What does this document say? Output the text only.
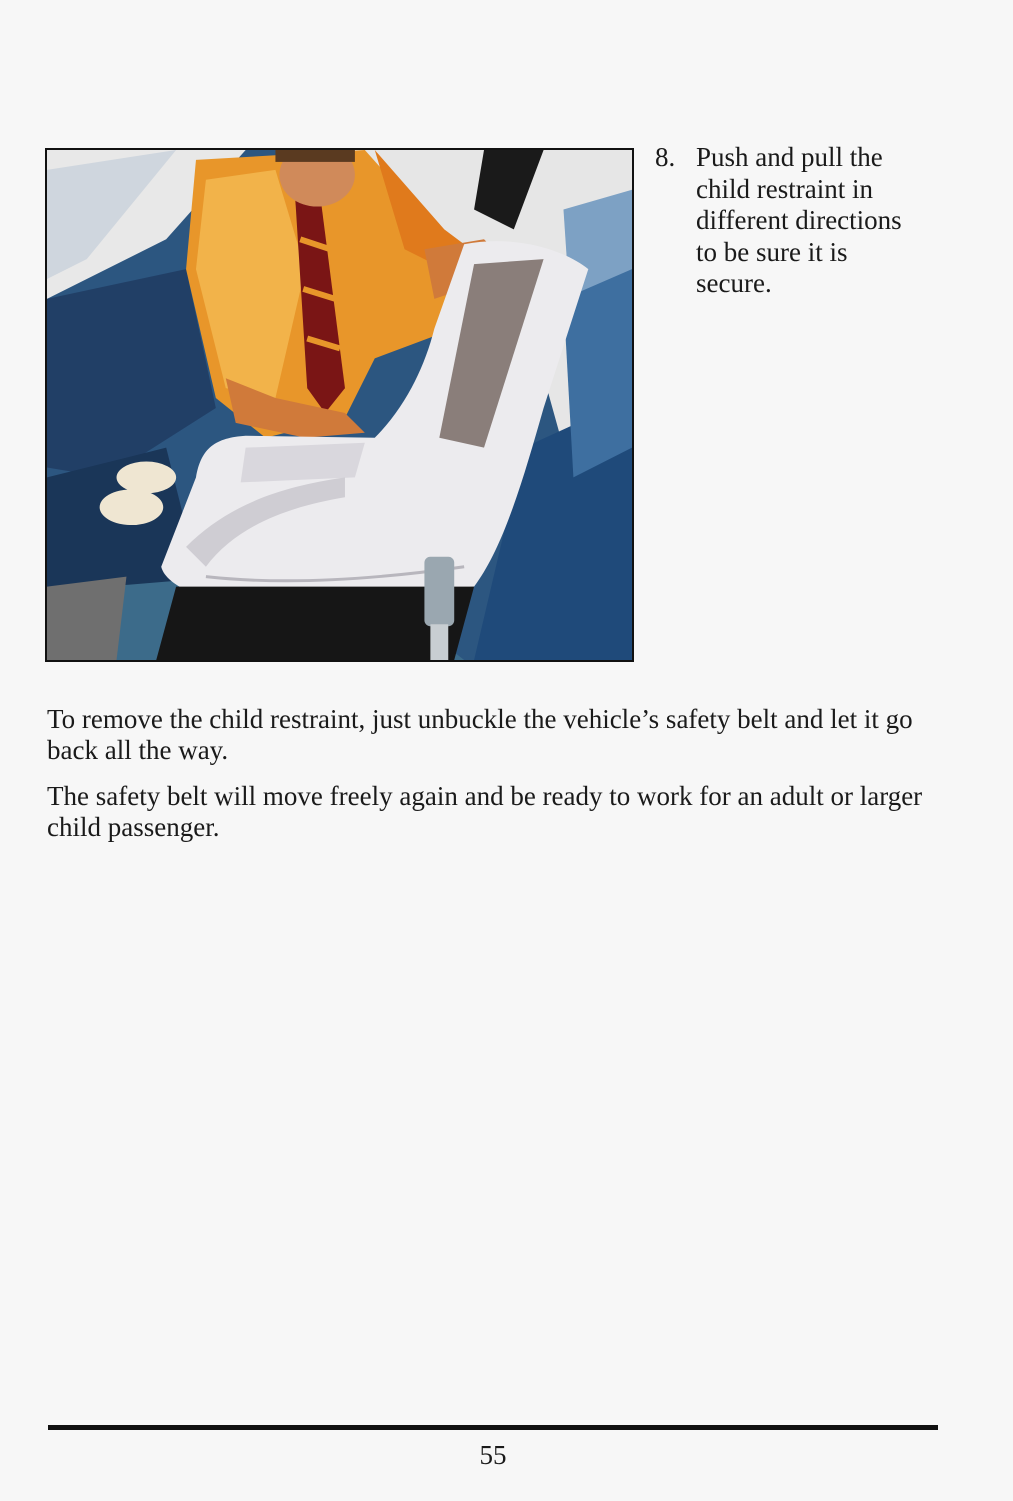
8. Push and pull the child restraint in different directions to be sure it is secure.

To remove the child restraint, just unbuckle the vehicle’s safety belt and let it go back all the way.

The safety belt will move freely again and be ready to work for an adult or larger child passenger.

55
